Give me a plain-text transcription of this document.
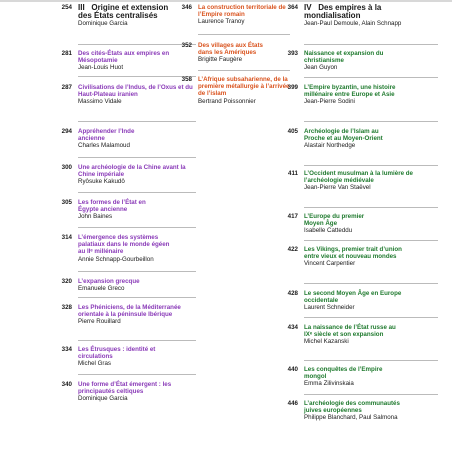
254 III Origine et extension des États centralisés
Dominique Garcia
281 Des cités-États aux empires en Mésopotamie
Jean-Louis Huot
287 Civilisations de l’Indus, de l’Oxus et du Haut-Plateau iranien
Massimo Vidale
294 Appréhender l’Inde ancienne
Charles Malamoud
300 Une archéologie de la Chine avant la Chine impériale
Ryôsuke Kakudô
305 Les formes de l’État en Égypte ancienne
John Baines
314 L’émergence des systèmes palatiaux dans le monde égéen au IIᵉ millénaire
Annie Schnapp-Gourbeillon
320 L’expansion grecque
Emanuele Greco
328 Les Phéniciens, de la Méditerranée orientale à la péninsule Ibérique
Pierre Rouillard
334 Les Étrusques : identité et circulations
Michel Gras
340 Une forme d’État émergent : les principautés celtiques
Dominique Garcia
346 La construction territoriale de l’Empire romain
Laurence Tranoy
352 Des villages aux États dans les Amériques
Brigitte Faugère
358 L’Afrique subsaharienne, de la première métallurgie à l’arrivée de l’islam
Bertrand Poissonnier
364 IV Des empires à la mondialisation
Jean-Paul Demoule, Alain Schnapp
393 Naissance et expansion du christianisme
Jean Guyon
399 L’Empire byzantin, une histoire millénaire entre Europe et Asie
Jean-Pierre Sodini
405 Archéologie de l’Islam au Proche et au Moyen-Orient
Alastair Northedge
411 L’Occident musulman à la lumière de l’archéologie médiévale
Jean-Pierre Van Staëvel
417 L’Europe du premier Moyen Âge
Isabelle Catteddu
422 Les Vikings, premier trait d’union entre vieux et nouveau mondes
Vincent Carpentier
428 Le second Moyen Âge en Europe occidentale
Laurent Schneider
434 La naissance de l’État russe au IXᵉ siècle et son expansion
Michel Kazanski
440 Les conquêtes de l’Empire mongol
Emma Zilivinskaia
446 L’archéologie des communautés juives européennes
Philippe Blanchard, Paul Salmona
